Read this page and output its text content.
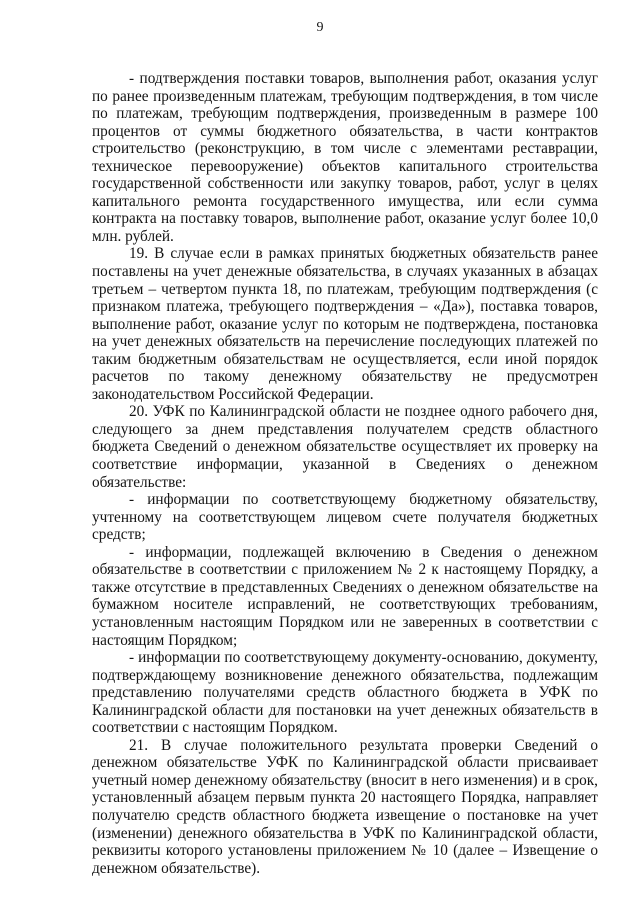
9

- подтверждения поставки товаров, выполнения работ, оказания услуг по ранее произведенным платежам, требующим подтверждения, в том числе по платежам, требующим подтверждения, произведенным в размере 100 процентов от суммы бюджетного обязательства, в части контрактов строительство (реконструкцию, в том числе с элементами реставрации, техническое перевооружение) объектов капитального строительства государственной собственности или закупку товаров, работ, услуг в целях капитального ремонта государственного имущества, или если сумма контракта на поставку товаров, выполнение работ, оказание услуг более 10,0 млн. рублей.

19. В случае если в рамках принятых бюджетных обязательств ранее поставлены на учет денежные обязательства, в случаях указанных в абзацах третьем – четвертом пункта 18, по платежам, требующим подтверждения (с признаком платежа, требующего подтверждения – «Да»), поставка товаров, выполнение работ, оказание услуг по которым не подтверждена, постановка на учет денежных обязательств на перечисление последующих платежей по таким бюджетным обязательствам не осуществляется, если иной порядок расчетов по такому денежному обязательству не предусмотрен законодательством Российской Федерации.

20. УФК по Калининградской области не позднее одного рабочего дня, следующего за днем представления получателем средств областного бюджета Сведений о денежном обязательстве осуществляет их проверку на соответствие информации, указанной в Сведениях о денежном обязательстве:

- информации по соответствующему бюджетному обязательству, учтенному на соответствующем лицевом счете получателя бюджетных средств;

- информации, подлежащей включению в Сведения о денежном обязательстве в соответствии с приложением № 2 к настоящему Порядку, а также отсутствие в представленных Сведениях о денежном обязательстве на бумажном носителе исправлений, не соответствующих требованиям, установленным настоящим Порядком или не заверенных в соответствии с настоящим Порядком;

- информации по соответствующему документу-основанию, документу, подтверждающему возникновение денежного обязательства, подлежащим представлению получателями средств областного бюджета в УФК по Калининградской области для постановки на учет денежных обязательств в соответствии с настоящим Порядком.

21. В случае положительного результата проверки Сведений о денежном обязательстве УФК по Калининградской области присваивает учетный номер денежному обязательству (вносит в него изменения) и в срок, установленный абзацем первым пункта 20 настоящего Порядка, направляет получателю средств областного бюджета извещение о постановке на учет (изменении) денежного обязательства в УФК по Калининградской области, реквизиты которого установлены приложением № 10 (далее – Извещение о денежном обязательстве).
